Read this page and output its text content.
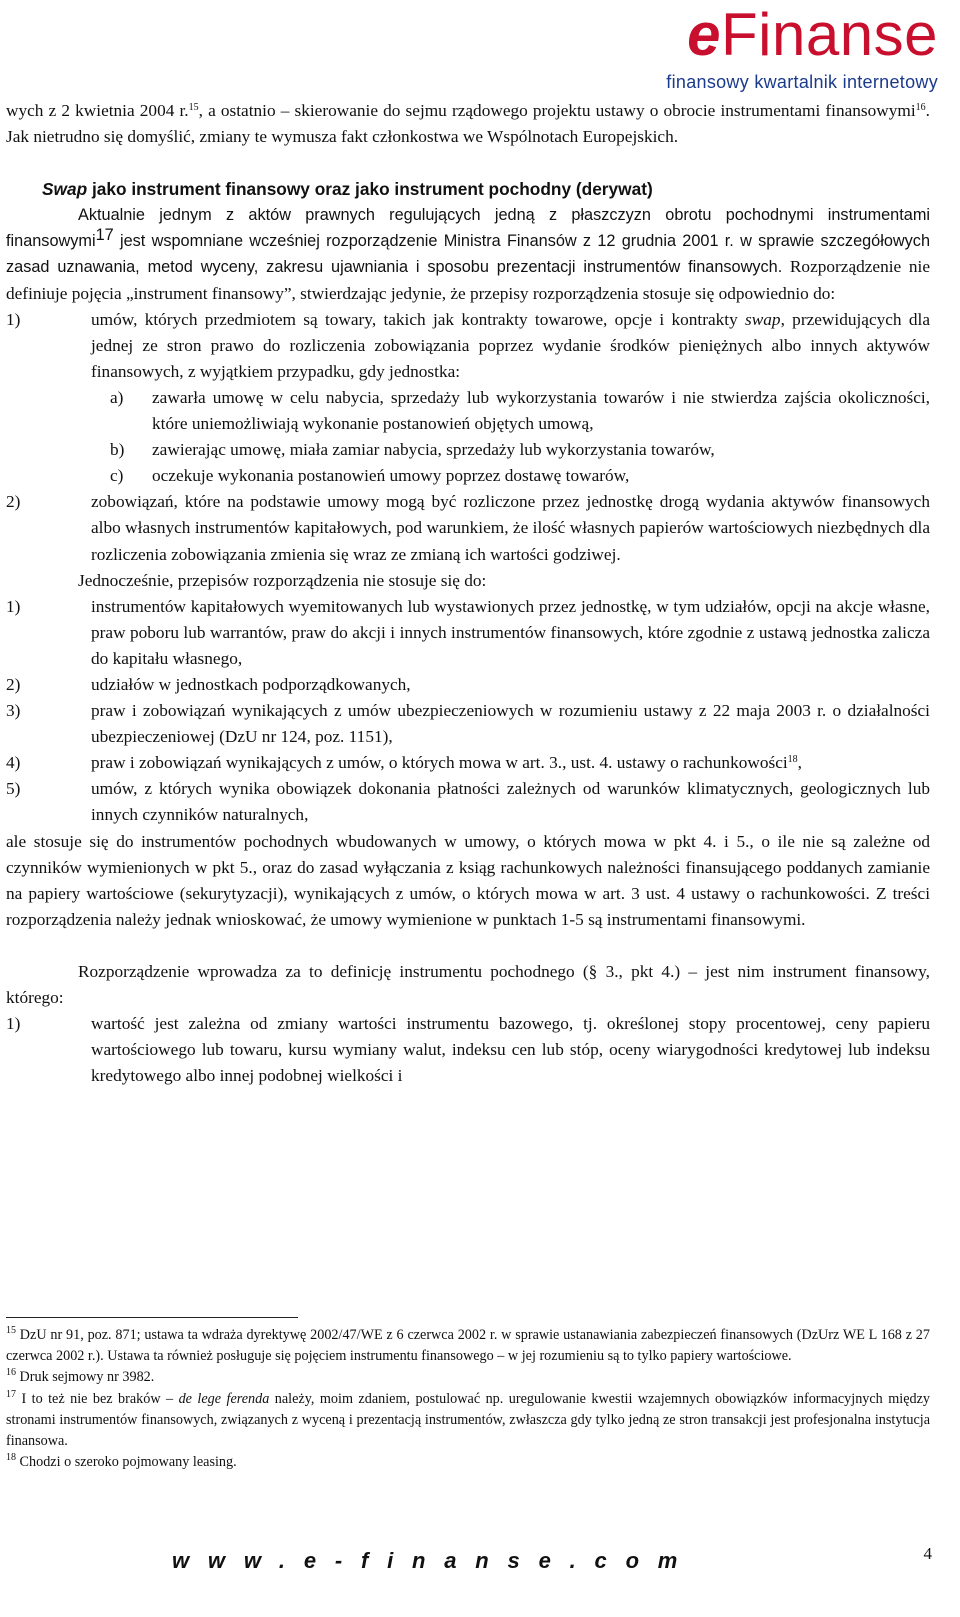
eFinanse
finansowy kwartalnik internetowy

wych z 2 kwietnia 2004 r.$^{15}$, a ostatnio – skierowanie do sejmu rządowego projektu ustawy o obrocie instrumentami finansowymi$^{16}$. Jak nietrudno się domyślić, zmiany te wymusza fakt członkostwa we Wspólnotach Europejskich.

Swap jako instrument finansowy oraz jako instrument pochodny (derywat)

Aktualnie jednym z aktów prawnych regulujących jedną z płaszczyzn obrotu pochodnymi instrumentami finansowymi$^{17}$ jest wspomniane wcześniej rozporządzenie Ministra Finansów z 12 grudnia 2001 r. w sprawie szczegółowych zasad uznawania, metod wyceny, zakresu ujawniania i sposobu prezentacji instrumentów finansowych. Rozporządzenie nie definiuje pojęcia „instrument finansowy”, stwierdzając jedynie, że przepisy rozporządzenia stosuje się odpowiednio do:

1)	umów, których przedmiotem są towary, takich jak kontrakty towarowe, opcje i kontrakty swap, przewidujących dla jednej ze stron prawo do rozliczenia zobowiązania poprzez wydanie środków pieniężnych albo innych aktywów finansowych, z wyjątkiem przypadku, gdy jednostka:
a) zawarła umowę w celu nabycia, sprzedaży lub wykorzystania towarów i nie stwierdza zajścia okoliczności, które uniemożliwiają wykonanie postanowień objętych umową,
b) zawierając umowę, miała zamiar nabycia, sprzedaży lub wykorzystania towarów,
c) oczekuje wykonania postanowień umowy poprzez dostawę towarów,
2)	zobowiązań, które na podstawie umowy mogą być rozliczone przez jednostkę drogą wydania aktywów finansowych albo własnych instrumentów kapitałowych, pod warunkiem, że ilość własnych papierów wartościowych niezbędnych dla rozliczenia zobowiązania zmienia się wraz ze zmianą ich wartości godziwej.

Jednocześnie, przepisów rozporządzenia nie stosuje się do:

1)	instrumentów kapitałowych wyemitowanych lub wystawionych przez jednostkę, w tym udziałów, opcji na akcje własne, praw poboru lub warrantów, praw do akcji i innych instrumentów finansowych, które zgodnie z ustawą jednostka zalicza do kapitału własnego,
2)	udziałów w jednostkach podporządkowanych,
3)	praw i zobowiązań wynikających z umów ubezpieczeniowych w rozumieniu ustawy z 22 maja 2003 r. o działalności ubezpieczeniowej (DzU nr 124, poz. 1151),
4)	praw i zobowiązań wynikających z umów, o których mowa w art. 3., ust. 4. ustawy o rachunkowości$^{18}$,
5)	umów, z których wynika obowiązek dokonania płatności zależnych od warunków klimatycznych, geologicznych lub innych czynników naturalnych,

ale stosuje się do instrumentów pochodnych wbudowanych w umowy, o których mowa w pkt 4. i 5., o ile nie są zależne od czynników wymienionych w pkt 5., oraz do zasad wyłączania z ksiąg rachunkowych należności finansującego poddanych zamianie na papiery wartościowe (sekurytyzacji), wynikających z umów, o których mowa w art. 3 ust. 4 ustawy o rachunkowości. Z treści rozporządzenia należy jednak wnioskować, że umowy wymienione w punktach 1-5 są instrumentami finansowymi.

Rozporządzenie wprowadza za to definicję instrumentu pochodnego (§ 3., pkt 4.) – jest nim instrument finansowy, którego:

1)	wartość jest zależna od zmiany wartości instrumentu bazowego, tj. określonej stopy procentowej, ceny papieru wartościowego lub towaru, kursu wymiany walut, indeksu cen lub stóp, oceny wiarygodności kredytowej lub indeksu kredytowego albo innej podobnej wielkości i

$^{15}$ DzU nr 91, poz. 871; ustawa ta wdraża dyrektywę 2002/47/WE z 6 czerwca 2002 r. w sprawie ustanawiania zabezpieczeń finansowych (DzUrz WE L 168 z 27 czerwca 2002 r.). Ustawa ta również posługuje się pojęciem instrumentu finansowego – w jej rozumieniu są to tylko papiery wartościowe.

$^{16}$ Druk sejmowy nr 3982.

$^{17}$ I to też nie bez braków – de lege ferenda należy, moim zdaniem, postulować np. uregulowanie kwestii wzajemnych obowiązków informacyjnych między stronami instrumentów finansowych, związanych z wyceną i prezentacją instrumentów, zwłaszcza gdy tylko jedną ze stron transakcji jest profesjonalna instytucja finansowa.

$^{18}$ Chodzi o szeroko pojmowany leasing.

www.e-finanse.com	4
